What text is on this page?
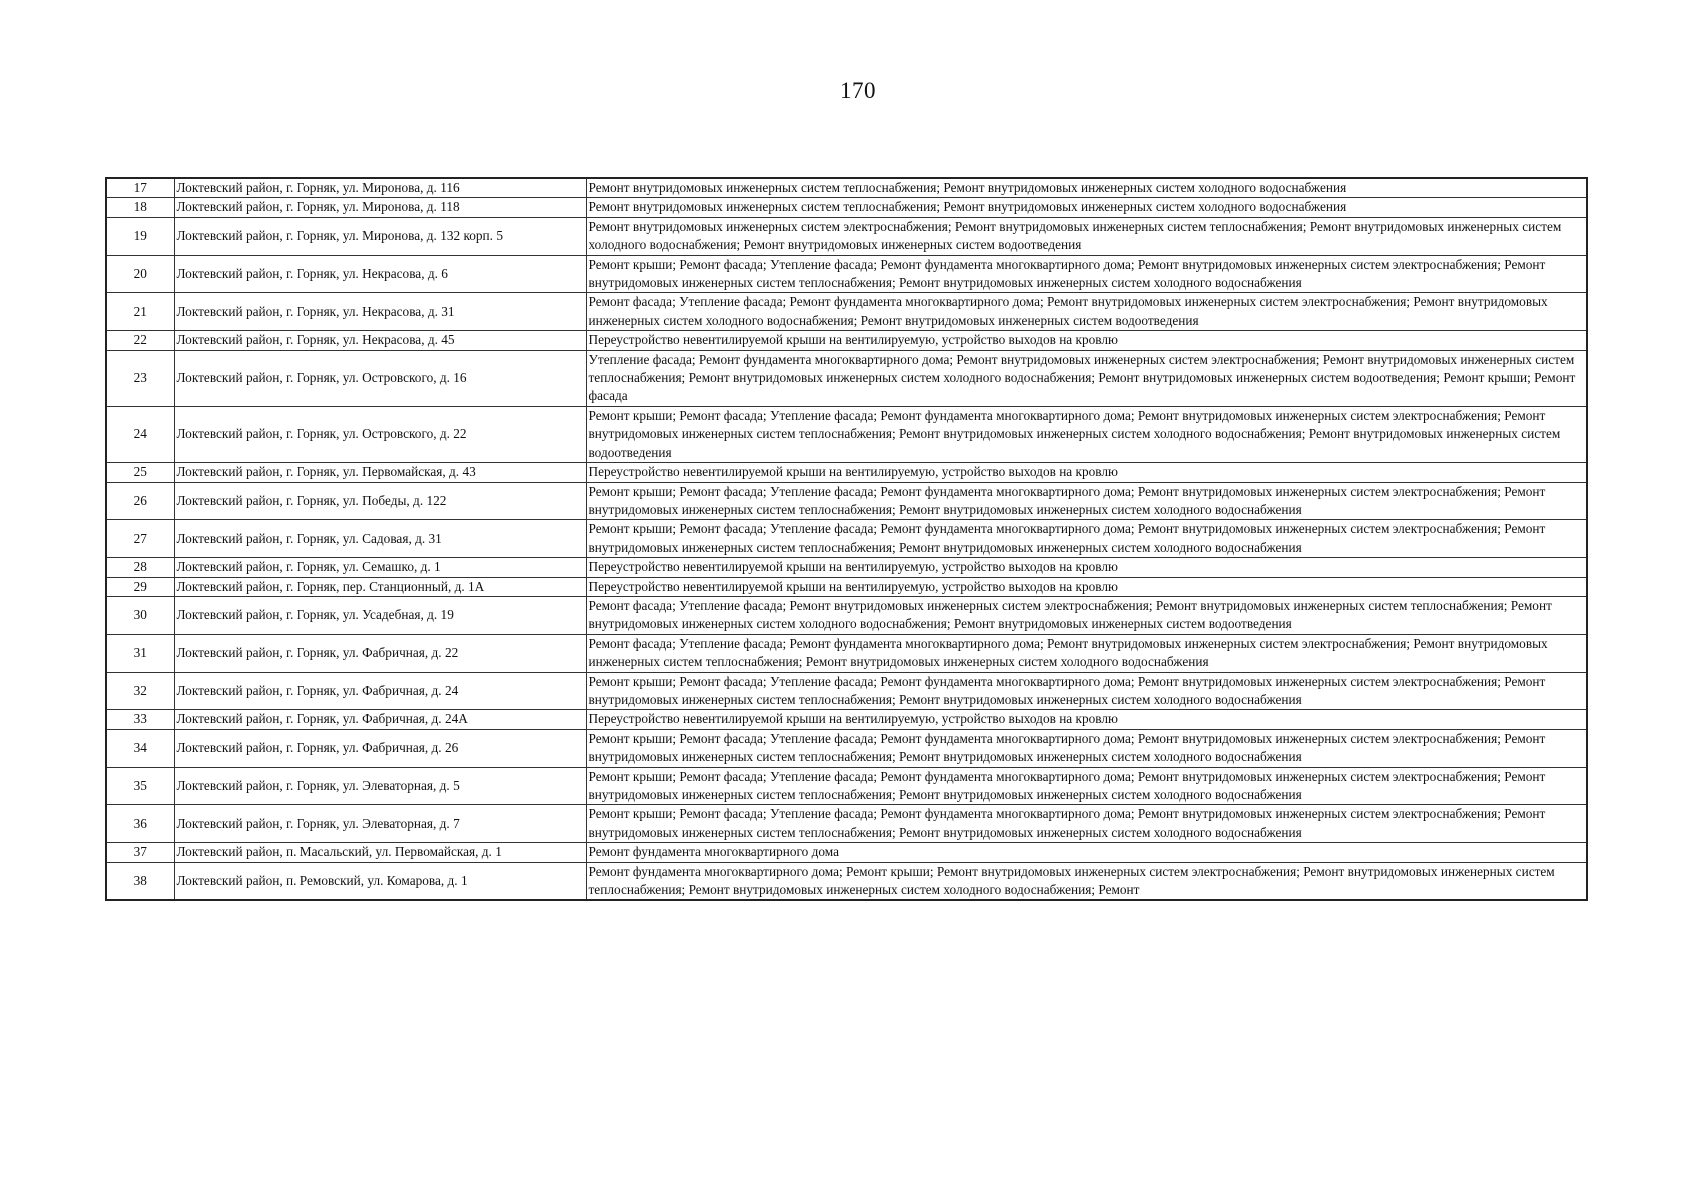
170
17	Локтевский район, г. Горняк, ул. Миронова, д. 116	Ремонт внутридомовых инженерных систем теплоснабжения; Ремонт внутридомовых инженерных систем холодного водоснабжения
18	Локтевский район, г. Горняк, ул. Миронова, д. 118	Ремонт внутридомовых инженерных систем теплоснабжения; Ремонт внутридомовых инженерных систем холодного водоснабжения
19	Локтевский район, г. Горняк, ул. Миронова, д. 132 корп. 5	Ремонт внутридомовых инженерных систем электроснабжения; Ремонт внутридомовых инженерных систем теплоснабжения; Ремонт внутридомовых инженерных систем холодного водоснабжения; Ремонт внутридомовых инженерных систем водоотведения
20	Локтевский район, г. Горняк, ул. Некрасова, д. 6	Ремонт крыши; Ремонт фасада; Утепление фасада; Ремонт фундамента многоквартирного дома; Ремонт внутридомовых инженерных систем электроснабжения; Ремонт внутридомовых инженерных систем теплоснабжения; Ремонт внутридомовых инженерных систем холодного водоснабжения
21	Локтевский район, г. Горняк, ул. Некрасова, д. 31	Ремонт фасада; Утепление фасада; Ремонт фундамента многоквартирного дома; Ремонт внутридомовых инженерных систем электроснабжения; Ремонт внутридомовых инженерных систем холодного водоснабжения; Ремонт внутридомовых инженерных систем водоотведения
22	Локтевский район, г. Горняк, ул. Некрасова, д. 45	Переустройство невентилируемой крыши на вентилируемую, устройство выходов на кровлю
23	Локтевский район, г. Горняк, ул. Островского, д. 16	Утепление фасада; Ремонт фундамента многоквартирного дома; Ремонт внутридомовых инженерных систем электроснабжения; Ремонт внутридомовых инженерных систем теплоснабжения; Ремонт внутридомовых инженерных систем холодного водоснабжения; Ремонт внутридомовых инженерных систем водоотведения; Ремонт крыши; Ремонт фасада
24	Локтевский район, г. Горняк, ул. Островского, д. 22	Ремонт крыши; Ремонт фасада; Утепление фасада; Ремонт фундамента многоквартирного дома; Ремонт внутридомовых инженерных систем электроснабжения; Ремонт внутридомовых инженерных систем теплоснабжения; Ремонт внутридомовых инженерных систем холодного водоснабжения; Ремонт внутридомовых инженерных систем водоотведения
25	Локтевский район, г. Горняк, ул. Первомайская, д. 43	Переустройство невентилируемой крыши на вентилируемую, устройство выходов на кровлю
26	Локтевский район, г. Горняк, ул. Победы, д. 122	Ремонт крыши; Ремонт фасада; Утепление фасада; Ремонт фундамента многоквартирного дома; Ремонт внутридомовых инженерных систем электроснабжения; Ремонт внутридомовых инженерных систем теплоснабжения; Ремонт внутридомовых инженерных систем холодного водоснабжения
27	Локтевский район, г. Горняк, ул. Садовая, д. 31	Ремонт крыши; Ремонт фасада; Утепление фасада; Ремонт фундамента многоквартирного дома; Ремонт внутридомовых инженерных систем электроснабжения; Ремонт внутридомовых инженерных систем теплоснабжения; Ремонт внутридомовых инженерных систем холодного водоснабжения
28	Локтевский район, г. Горняк, ул. Семашко, д. 1	Переустройство невентилируемой крыши на вентилируемую, устройство выходов на кровлю
29	Локтевский район, г. Горняк, пер. Станционный, д. 1А	Переустройство невентилируемой крыши на вентилируемую, устройство выходов на кровлю
30	Локтевский район, г. Горняк, ул. Усадебная, д. 19	Ремонт фасада; Утепление фасада; Ремонт внутридомовых инженерных систем электроснабжения; Ремонт внутридомовых инженерных систем теплоснабжения; Ремонт внутридомовых инженерных систем холодного водоснабжения; Ремонт внутридомовых инженерных систем водоотведения
31	Локтевский район, г. Горняк, ул. Фабричная, д. 22	Ремонт фасада; Утепление фасада; Ремонт фундамента многоквартирного дома; Ремонт внутридомовых инженерных систем электроснабжения; Ремонт внутридомовых инженерных систем теплоснабжения; Ремонт внутридомовых инженерных систем холодного водоснабжения
32	Локтевский район, г. Горняк, ул. Фабричная, д. 24	Ремонт крыши; Ремонт фасада; Утепление фасада; Ремонт фундамента многоквартирного дома; Ремонт внутридомовых инженерных систем электроснабжения; Ремонт внутридомовых инженерных систем теплоснабжения; Ремонт внутридомовых инженерных систем холодного водоснабжения
33	Локтевский район, г. Горняк, ул. Фабричная, д. 24А	Переустройство невентилируемой крыши на вентилируемую, устройство выходов на кровлю
34	Локтевский район, г. Горняк, ул. Фабричная, д. 26	Ремонт крыши; Ремонт фасада; Утепление фасада; Ремонт фундамента многоквартирного дома; Ремонт внутридомовых инженерных систем электроснабжения; Ремонт внутридомовых инженерных систем теплоснабжения; Ремонт внутридомовых инженерных систем холодного водоснабжения
35	Локтевский район, г. Горняк, ул. Элеваторная, д. 5	Ремонт крыши; Ремонт фасада; Утепление фасада; Ремонт фундамента многоквартирного дома; Ремонт внутридомовых инженерных систем электроснабжения; Ремонт внутридомовых инженерных систем теплоснабжения; Ремонт внутридомовых инженерных систем холодного водоснабжения
36	Локтевский район, г. Горняк, ул. Элеваторная, д. 7	Ремонт крыши; Ремонт фасада; Утепление фасада; Ремонт фундамента многоквартирного дома; Ремонт внутридомовых инженерных систем электроснабжения; Ремонт внутридомовых инженерных систем теплоснабжения; Ремонт внутридомовых инженерных систем холодного водоснабжения
37	Локтевский район, п. Масальский, ул. Первомайская, д. 1	Ремонт фундамента многоквартирного дома
38	Локтевский район, п. Ремовский, ул. Комарова, д. 1	Ремонт фундамента многоквартирного дома; Ремонт крыши; Ремонт внутридомовых инженерных систем электроснабжения; Ремонт внутридомовых инженерных систем теплоснабжения; Ремонт внутридомовых инженерных систем холодного водоснабжения; Ремонт
